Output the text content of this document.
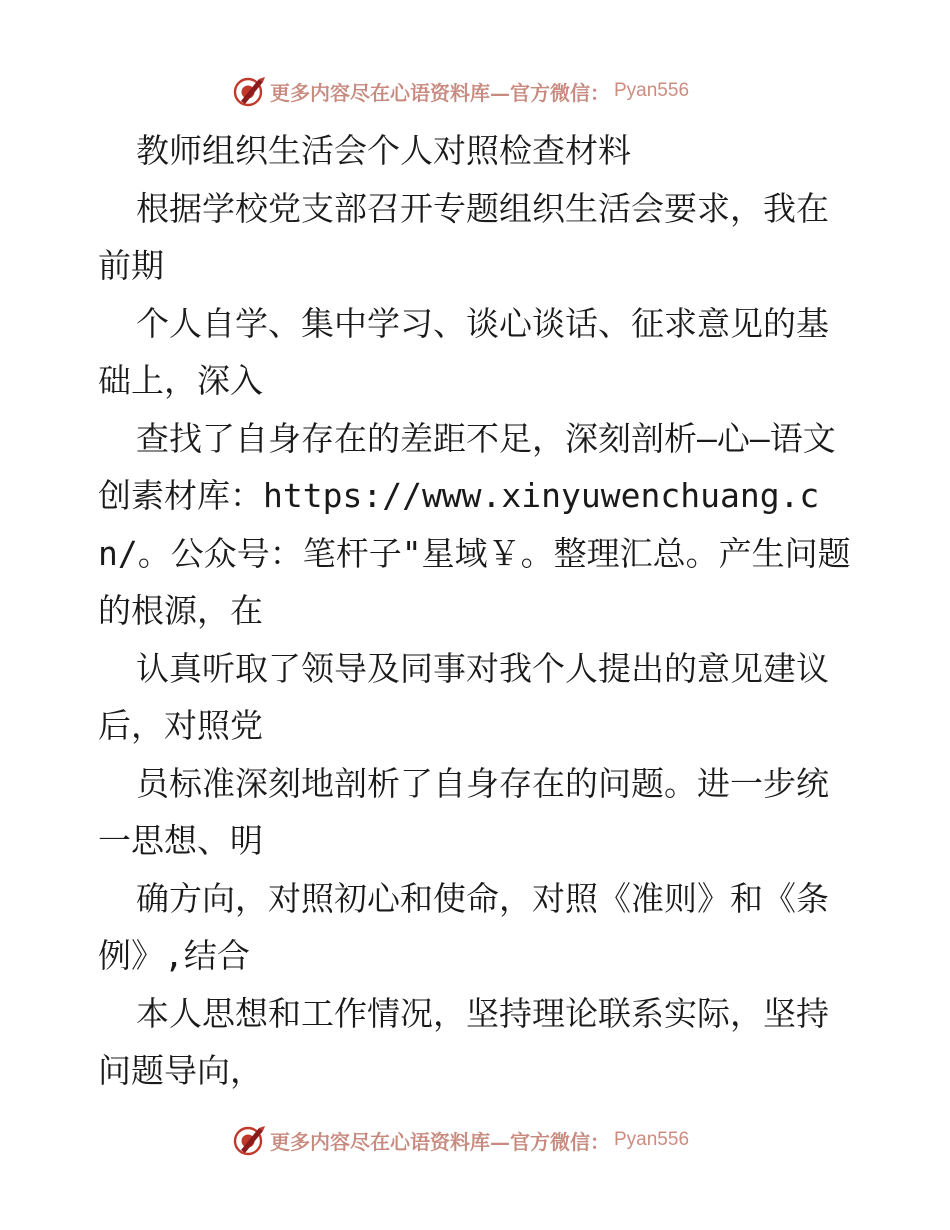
更多内容尽在心语资料库—官方微信： Pyan556

教师组织生活会个人对照检查材料

根据学校党支部召开专题组织生活会要求，我在前期

个人自学、集中学习、谈心谈话、征求意见的基础上，深入

查找了自身存在的差距不足，深刻剖析—心—语文创素材库：https://www.xinyuwenchuang.cn/。公众号：笔杆子"星域￥。整理汇总。产生问题的根源，在

认真听取了领导及同事对我个人提出的意见建议后，对照党

员标准深刻地剖析了自身存在的问题。进一步统一思想、明

确方向，对照初心和使命，对照《准则》和《条例》,结合

本人思想和工作情况，坚持理论联系实际，坚持问题导向，

更多内容尽在心语资料库—官方微信： Pyan556
